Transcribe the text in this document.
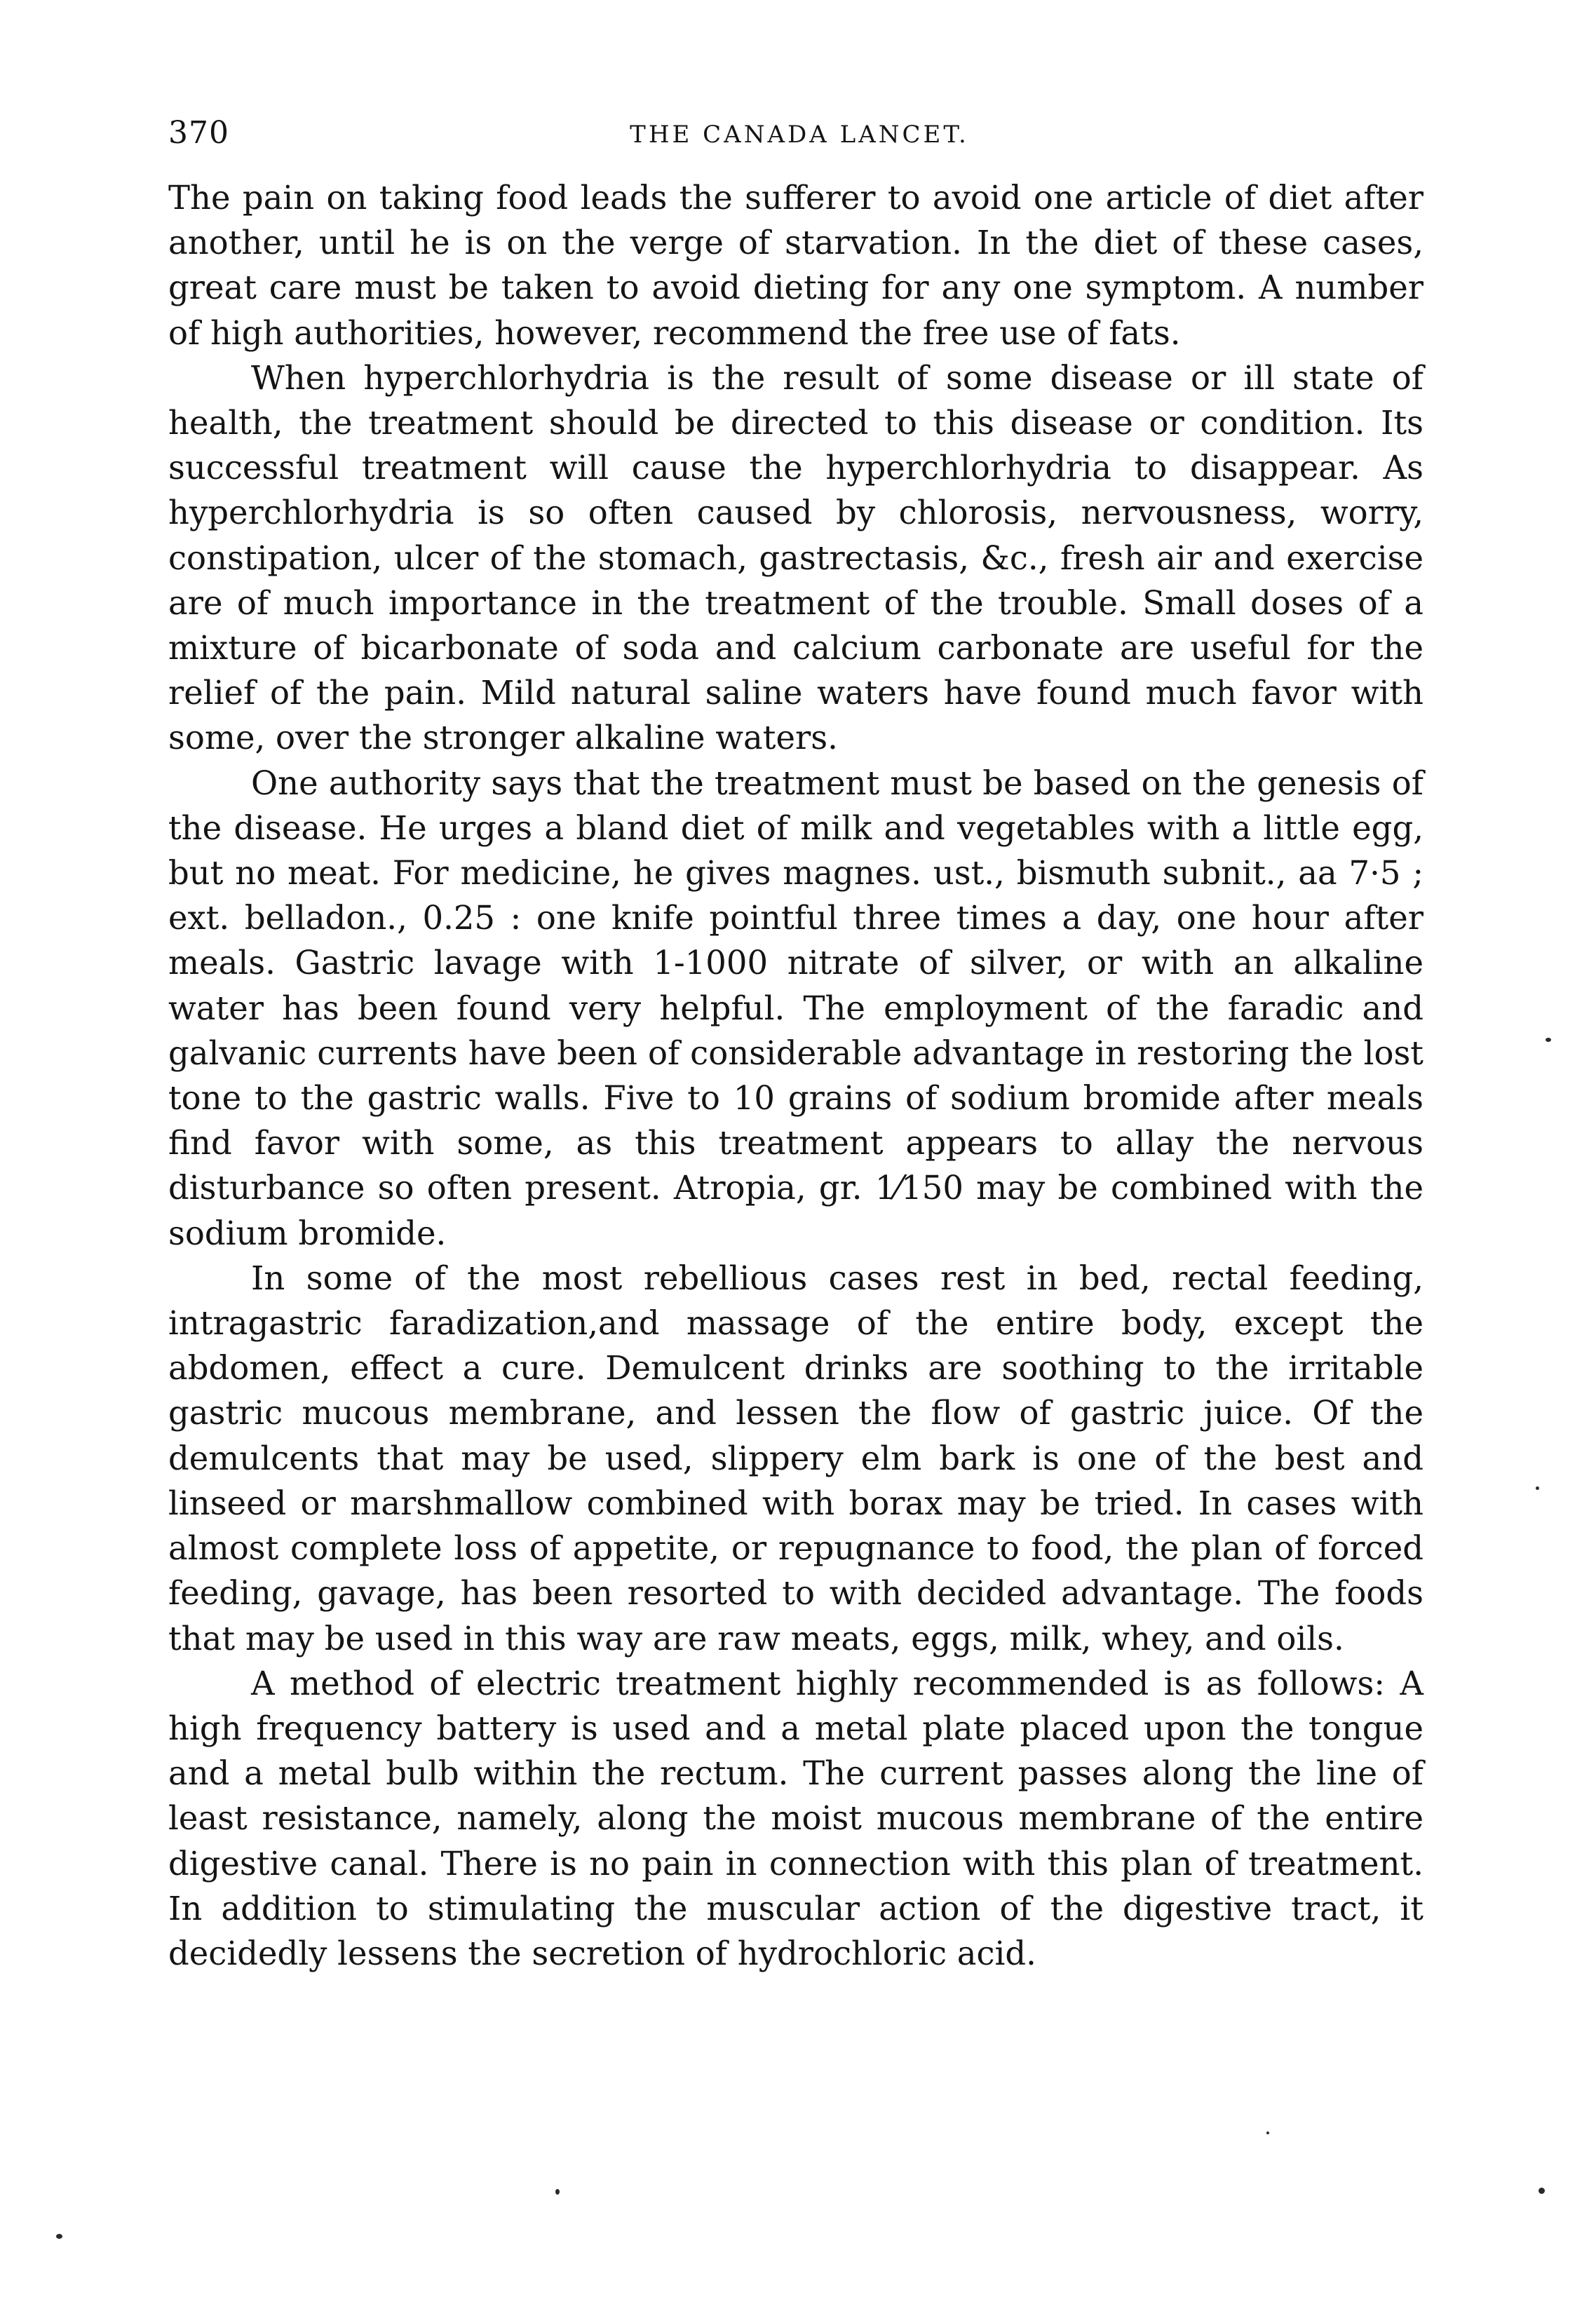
370	THE CANADA LANCET.

The pain on taking food leads the sufferer to avoid one article of diet after another, until he is on the verge of starvation. In the diet of these cases, great care must be taken to avoid dieting for any one symptom. A number of high authorities, however, recommend the free use of fats.

When hyperchlorhydria is the result of some disease or ill state of health, the treatment should be directed to this disease or condition. Its successful treatment will cause the hyperchlorhydria to disappear. As hyperchlorhydria is so often caused by chlorosis, nervousness, worry, constipation, ulcer of the stomach, gastrectasis, &c., fresh air and exercise are of much importance in the treatment of the trouble. Small doses of a mixture of bicarbonate of soda and calcium carbonate are useful for the relief of the pain. Mild natural saline waters have found much favor with some, over the stronger alkaline waters.

One authority says that the treatment must be based on the genesis of the disease. He urges a bland diet of milk and vegetables with a little egg, but no meat. For medicine, he gives magnes. ust., bismuth subnit., aa 7·5 ; ext. belladon., 0.25 : one knife pointful three times a day, one hour after meals. Gastric lavage with 1-1000 nitrate of silver, or with an alkaline water has been found very helpful. The employment of the faradic and galvanic currents have been of considerable advantage in restoring the lost tone to the gastric walls. Five to 10 grains of sodium bromide after meals find favor with some, as this treatment appears to allay the nervous disturbance so often present. Atropia, gr. 1⁄150 may be combined with the sodium bromide.

In some of the most rebellious cases rest in bed, rectal feeding, intragastric faradization,and massage of the entire body, except the abdomen, effect a cure. Demulcent drinks are soothing to the irritable gastric mucous membrane, and lessen the flow of gastric juice. Of the demulcents that may be used, slippery elm bark is one of the best and linseed or marshmallow combined with borax may be tried. In cases with almost complete loss of appetite, or repugnance to food, the plan of forced feeding, gavage, has been resorted to with decided advantage. The foods that may be used in this way are raw meats, eggs, milk, whey, and oils.

A method of electric treatment highly recommended is as follows: A high frequency battery is used and a metal plate placed upon the tongue and a metal bulb within the rectum. The current passes along the line of least resistance, namely, along the moist mucous membrane of the entire digestive canal. There is no pain in connection with this plan of treatment. In addition to stimulating the muscular action of the digestive tract, it decidedly lessens the secretion of hydrochloric acid.
